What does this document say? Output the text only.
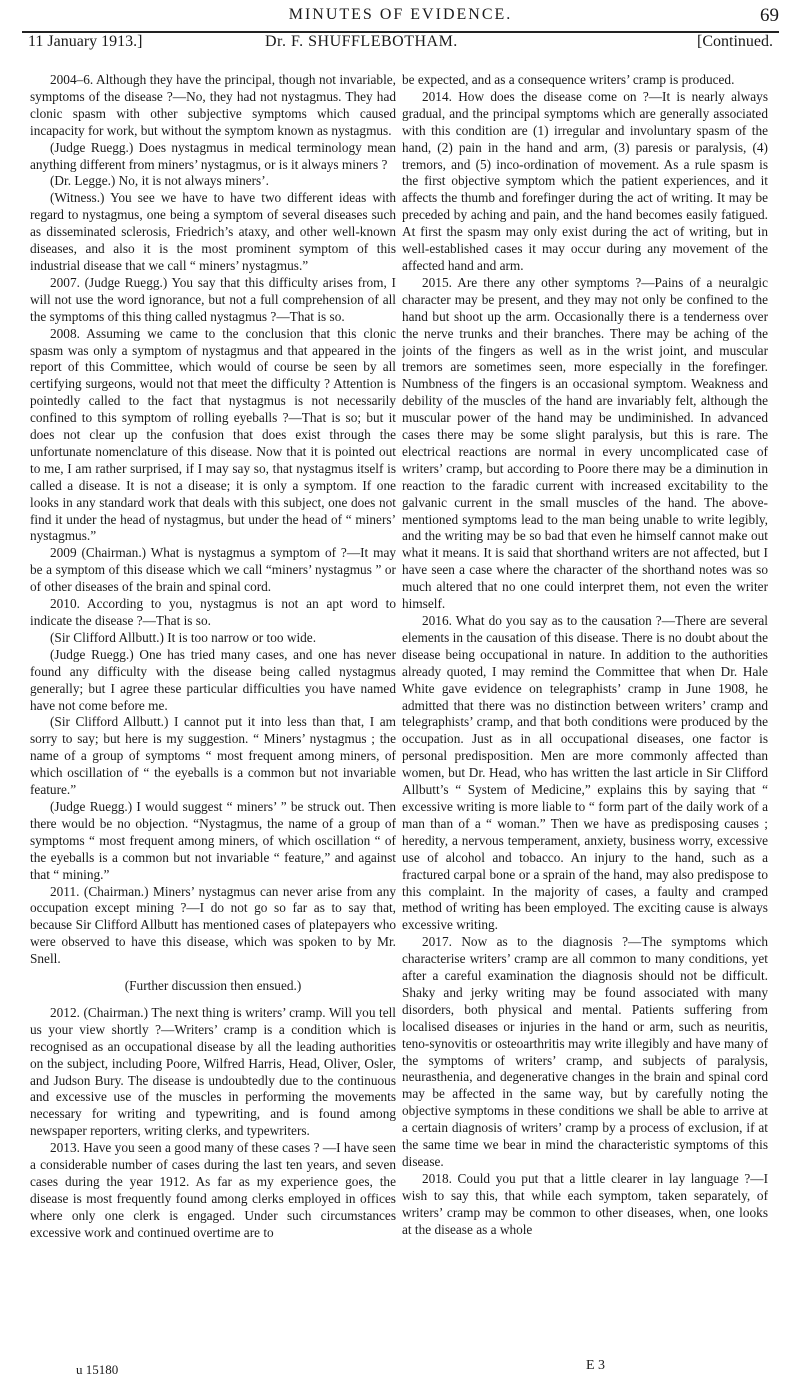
MINUTES OF EVIDENCE.	69
11 January 1913.]	Dr. F. SHUFFLEBOTHAM.	[Continued.

2004–6. Although they have the principal, though not invariable, symptoms of the disease ?—No, they had not nystagmus. They had clonic spasm with other subjective symptoms which caused incapacity for work, but without the symptom known as nystagmus.

(Judge Ruegg.) Does nystagmus in medical terminology mean anything different from miners’ nystagmus, or is it always miners ?

(Dr. Legge.) No, it is not always miners’.

(Witness.) You see we have to have two different ideas with regard to nystagmus, one being a symptom of several diseases such as disseminated sclerosis, Friedrich’s ataxy, and other well-known diseases, and also it is the most prominent symptom of this industrial disease that we call “ miners’ nystagmus.”

2007. (Judge Ruegg.) You say that this difficulty arises from, I will not use the word ignorance, but not a full comprehension of all the symptoms of this thing called nystagmus ?—That is so.

2008. Assuming we came to the conclusion that this clonic spasm was only a symptom of nystagmus and that appeared in the report of this Committee, which would of course be seen by all certifying surgeons, would not that meet the difficulty ? Attention is pointedly called to the fact that nystagmus is not necessarily confined to this symptom of rolling eyeballs ?—That is so; but it does not clear up the confusion that does exist through the unfortunate nomenclature of this disease. Now that it is pointed out to me, I am rather surprised, if I may say so, that nystagmus itself is called a disease. It is not a disease; it is only a symptom. If one looks in any standard work that deals with this subject, one does not find it under the head of nystagmus, but under the head of “ miners’ nystagmus.”

2009 (Chairman.) What is nystagmus a symptom of ?—It may be a symptom of this disease which we call “miners’ nystagmus ” or of other diseases of the brain and spinal cord.

2010. According to you, nystagmus is not an apt word to indicate the disease ?—That is so.

(Sir Clifford Allbutt.) It is too narrow or too wide.

(Judge Ruegg.) One has tried many cases, and one has never found any difficulty with the disease being called nystagmus generally; but I agree these particular difficulties you have named have not come before me.

(Sir Clifford Allbutt.) I cannot put it into less than that, I am sorry to say; but here is my suggestion. “ Miners’ nystagmus ; the name of a group of symptoms “ most frequent among miners, of which oscillation of “ the eyeballs is a common but not invariable feature.”

(Judge Ruegg.) I would suggest “ miners’ ” be struck out. Then there would be no objection. “Nystagmus, the name of a group of symptoms “ most frequent among miners, of which oscillation “ of the eyeballs is a common but not invariable “ feature,” and against that “ mining.”

2011. (Chairman.) Miners’ nystagmus can never arise from any occupation except mining ?—I do not go so far as to say that, because Sir Clifford Allbutt has mentioned cases of platepayers who were observed to have this disease, which was spoken to by Mr. Snell.

(Further discussion then ensued.)

2012. (Chairman.) The next thing is writers’ cramp. Will you tell us your view shortly ?—Writers’ cramp is a condition which is recognised as an occupational disease by all the leading authorities on the subject, including Poore, Wilfred Harris, Head, Oliver, Osler, and Judson Bury. The disease is undoubtedly due to the continuous and excessive use of the muscles in performing the movements necessary for writing and typewriting, and is found among newspaper reporters, writing clerks, and typewriters.

2013. Have you seen a good many of these cases ? —I have seen a considerable number of cases during the last ten years, and seven cases during the year 1912. As far as my experience goes, the disease is most frequently found among clerks employed in offices where only one clerk is engaged. Under such circumstances excessive work and continued overtime are to

be expected, and as a consequence writers’ cramp is produced.

2014. How does the disease come on ?—It is nearly always gradual, and the principal symptoms which are generally associated with this condition are (1) irregular and involuntary spasm of the hand, (2) pain in the hand and arm, (3) paresis or paralysis, (4) tremors, and (5) inco-ordination of movement. As a rule spasm is the first objective symptom which the patient experiences, and it affects the thumb and forefinger during the act of writing. It may be preceded by aching and pain, and the hand becomes easily fatigued. At first the spasm may only exist during the act of writing, but in well-established cases it may occur during any movement of the affected hand and arm.

2015. Are there any other symptoms ?—Pains of a neuralgic character may be present, and they may not only be confined to the hand but shoot up the arm. Occasionally there is a tenderness over the nerve trunks and their branches. There may be aching of the joints of the fingers as well as in the wrist joint, and muscular tremors are sometimes seen, more especially in the forefinger. Numbness of the fingers is an occasional symptom. Weakness and debility of the muscles of the hand are invariably felt, although the muscular power of the hand may be undiminished. In advanced cases there may be some slight paralysis, but this is rare. The electrical reactions are normal in every uncomplicated case of writers’ cramp, but according to Poore there may be a diminution in reaction to the faradic current with increased excitability to the galvanic current in the small muscles of the hand. The above-mentioned symptoms lead to the man being unable to write legibly, and the writing may be so bad that even he himself cannot make out what it means. It is said that shorthand writers are not affected, but I have seen a case where the character of the shorthand notes was so much altered that no one could interpret them, not even the writer himself.

2016. What do you say as to the causation ?—There are several elements in the causation of this disease. There is no doubt about the disease being occupational in nature. In addition to the authorities already quoted, I may remind the Committee that when Dr. Hale White gave evidence on telegraphists’ cramp in June 1908, he admitted that there was no distinction between writers’ cramp and telegraphists’ cramp, and that both conditions were produced by the occupation. Just as in all occupational diseases, one factor is personal predisposition. Men are more commonly affected than women, but Dr. Head, who has written the last article in Sir Clifford Allbutt’s “ System of Medicine,” explains this by saying that “ excessive writing is more liable to “ form part of the daily work of a man than of a “ woman.” Then we have as predisposing causes ; heredity, a nervous temperament, anxiety, business worry, excessive use of alcohol and tobacco. An injury to the hand, such as a fractured carpal bone or a sprain of the hand, may also predispose to this complaint. In the majority of cases, a faulty and cramped method of writing has been employed. The exciting cause is always excessive writing.

2017. Now as to the diagnosis ?—The symptoms which characterise writers’ cramp are all common to many conditions, yet after a careful examination the diagnosis should not be difficult. Shaky and jerky writing may be found associated with many disorders, both physical and mental. Patients suffering from localised diseases or injuries in the hand or arm, such as neuritis, teno-synovitis or osteoarthritis may write illegibly and have many of the symptoms of writers’ cramp, and subjects of paralysis, neurasthenia, and degenerative changes in the brain and spinal cord may be affected in the same way, but by carefully noting the objective symptoms in these conditions we shall be able to arrive at a certain diagnosis of writers’ cramp by a process of exclusion, if at the same time we bear in mind the characteristic symptoms of this disease.

2018. Could you put that a little clearer in lay language ?—I wish to say this, that while each symptom, taken separately, of writers’ cramp may be common to other diseases, when, one looks at the disease as a whole

u 15180	E 3
